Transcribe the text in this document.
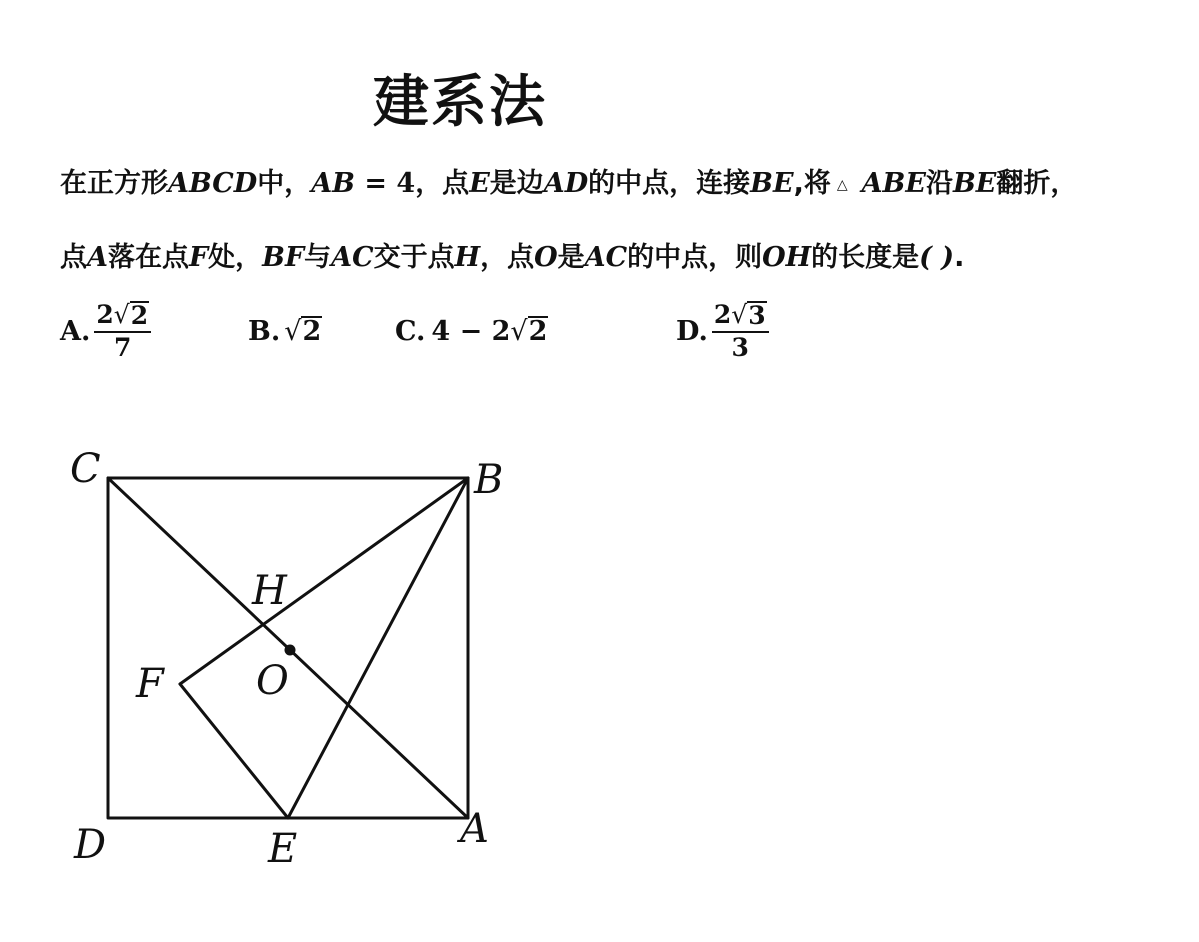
建系法
在正方形ABCD中，AB = 4，点E是边AD的中点，连接BE,将 △ ABE沿BE翻折，
点A落在点F处，BF与AC交于点H，点O是AC的中点，则OH的长度是( ).
A. $\frac{2 √ 2}{7}$	B. √ 2	C. 4 − 2 √ 2	D. $\frac{2 √ 3}{3}$
C	B
H
F O
D	E	A
